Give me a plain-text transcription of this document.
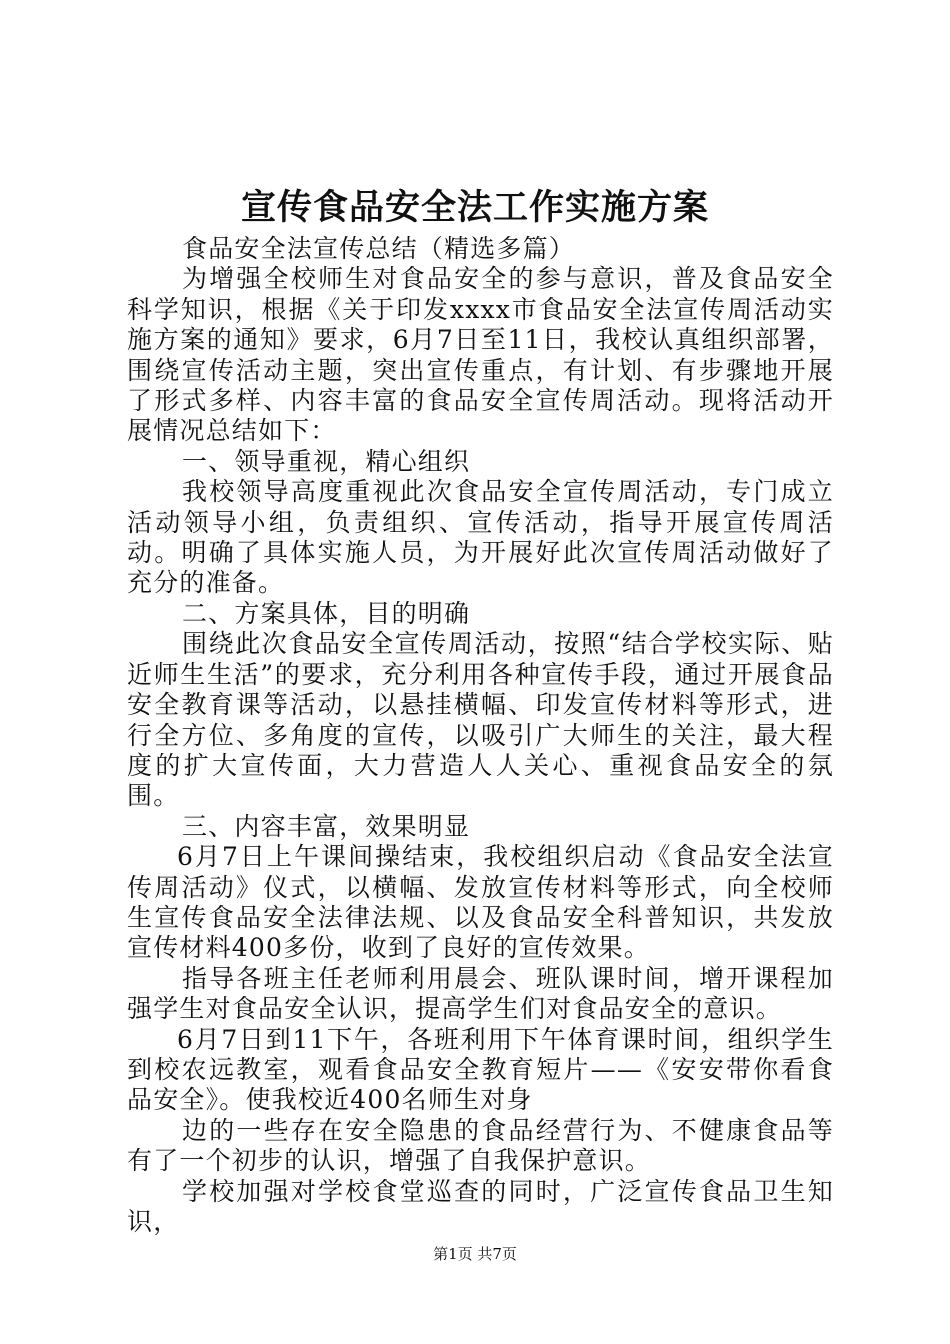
宣传食品安全法工作实施方案

食品安全法宣传总结（精选多篇）

为增强全校师生对食品安全的参与意识，普及食品安全科学知识，根据《关于印发xxxx市食品安全法宣传周活动实施方案的通知》要求，6月7日至11日，我校认真组织部署，围绕宣传活动主题，突出宣传重点，有计划、有步骤地开展了形式多样、内容丰富的食品安全宣传周活动。现将活动开展情况总结如下：

一、领导重视，精心组织

我校领导高度重视此次食品安全宣传周活动，专门成立活动领导小组，负责组织、宣传活动，指导开展宣传周活动。明确了具体实施人员，为开展好此次宣传周活动做好了充分的准备。

二、方案具体，目的明确

围绕此次食品安全宣传周活动，按照“结合学校实际、贴近师生生活”的要求，充分利用各种宣传手段，通过开展食品安全教育课等活动，以悬挂横幅、印发宣传材料等形式，进行全方位、多角度的宣传，以吸引广大师生的关注，最大程度的扩大宣传面，大力营造人人关心、重视食品安全的氛围。

三、内容丰富，效果明显

6月7日上午课间操结束，我校组织启动《食品安全法宣传周活动》仪式，以横幅、发放宣传材料等形式，向全校师生宣传食品安全法律法规、以及食品安全科普知识，共发放宣传材料400多份，收到了良好的宣传效果。

指导各班主任老师利用晨会、班队课时间，增开课程加强学生对食品安全认识，提高学生们对食品安全的意识。

6月7日到11下午，各班利用下午体育课时间，组织学生到校农远教室，观看食品安全教育短片——《安安带你看食品安全》。使我校近400名师生对身

边的一些存在安全隐患的食品经营行为、不健康食品等有了一个初步的认识，增强了自我保护意识。

学校加强对学校食堂巡查的同时，广泛宣传食品卫生知识，

第1页 共7页
